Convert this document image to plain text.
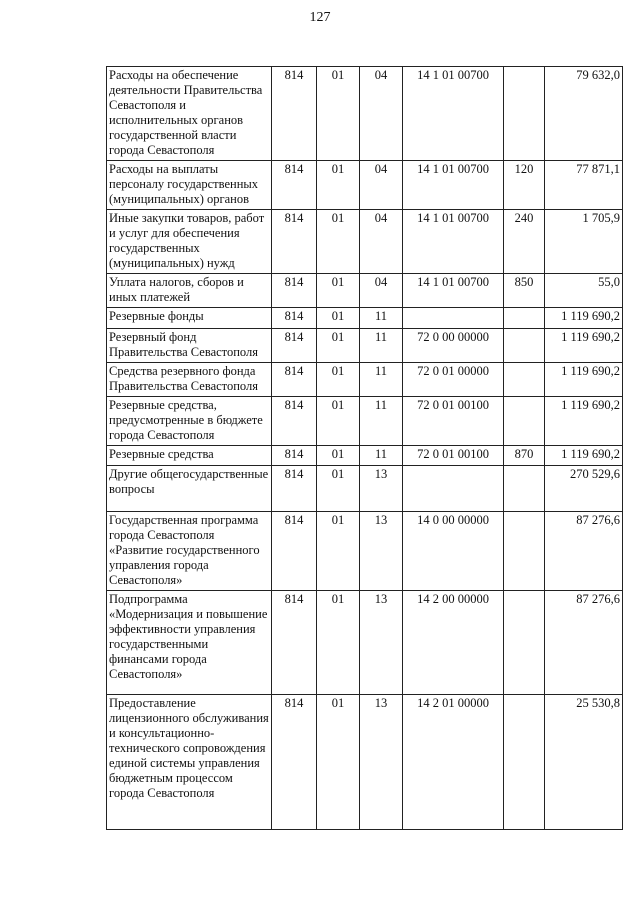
127
Расходы на обеспечение деятельности Правительства Севастополя и исполнительных органов государственной власти города Севастополя	814	01	04	14 1 01 00700		79 632,0
Расходы на выплаты персоналу государственных (муниципальных) органов	814	01	04	14 1 01 00700	120	77 871,1
Иные закупки товаров, работ и услуг для обеспечения государственных (муниципальных) нужд	814	01	04	14 1 01 00700	240	1 705,9
Уплата налогов, сборов и иных платежей	814	01	04	14 1 01 00700	850	55,0
Резервные фонды	814	01	11			1 119 690,2
Резервный фонд Правительства Севастополя	814	01	11	72 0 00 00000		1 119 690,2
Средства резервного фонда Правительства Севастополя	814	01	11	72 0 01 00000		1 119 690,2
Резервные средства, предусмотренные в бюджете города Севастополя	814	01	11	72 0 01 00100		1 119 690,2
Резервные средства	814	01	11	72 0 01 00100	870	1 119 690,2
Другие общегосударственные вопросы	814	01	13			270 529,6
Государственная программа города Севастополя «Развитие государственного управления города Севастополя»	814	01	13	14 0 00 00000		87 276,6
Подпрограмма «Модернизация и повышение эффективности управления государственными финансами города Севастополя»	814	01	13	14 2 00 00000		87 276,6
Предоставление лицензионного обслуживания и консультационно-технического сопровождения единой системы управления бюджетным процессом города Севастополя	814	01	13	14 2 01 00000		25 530,8
